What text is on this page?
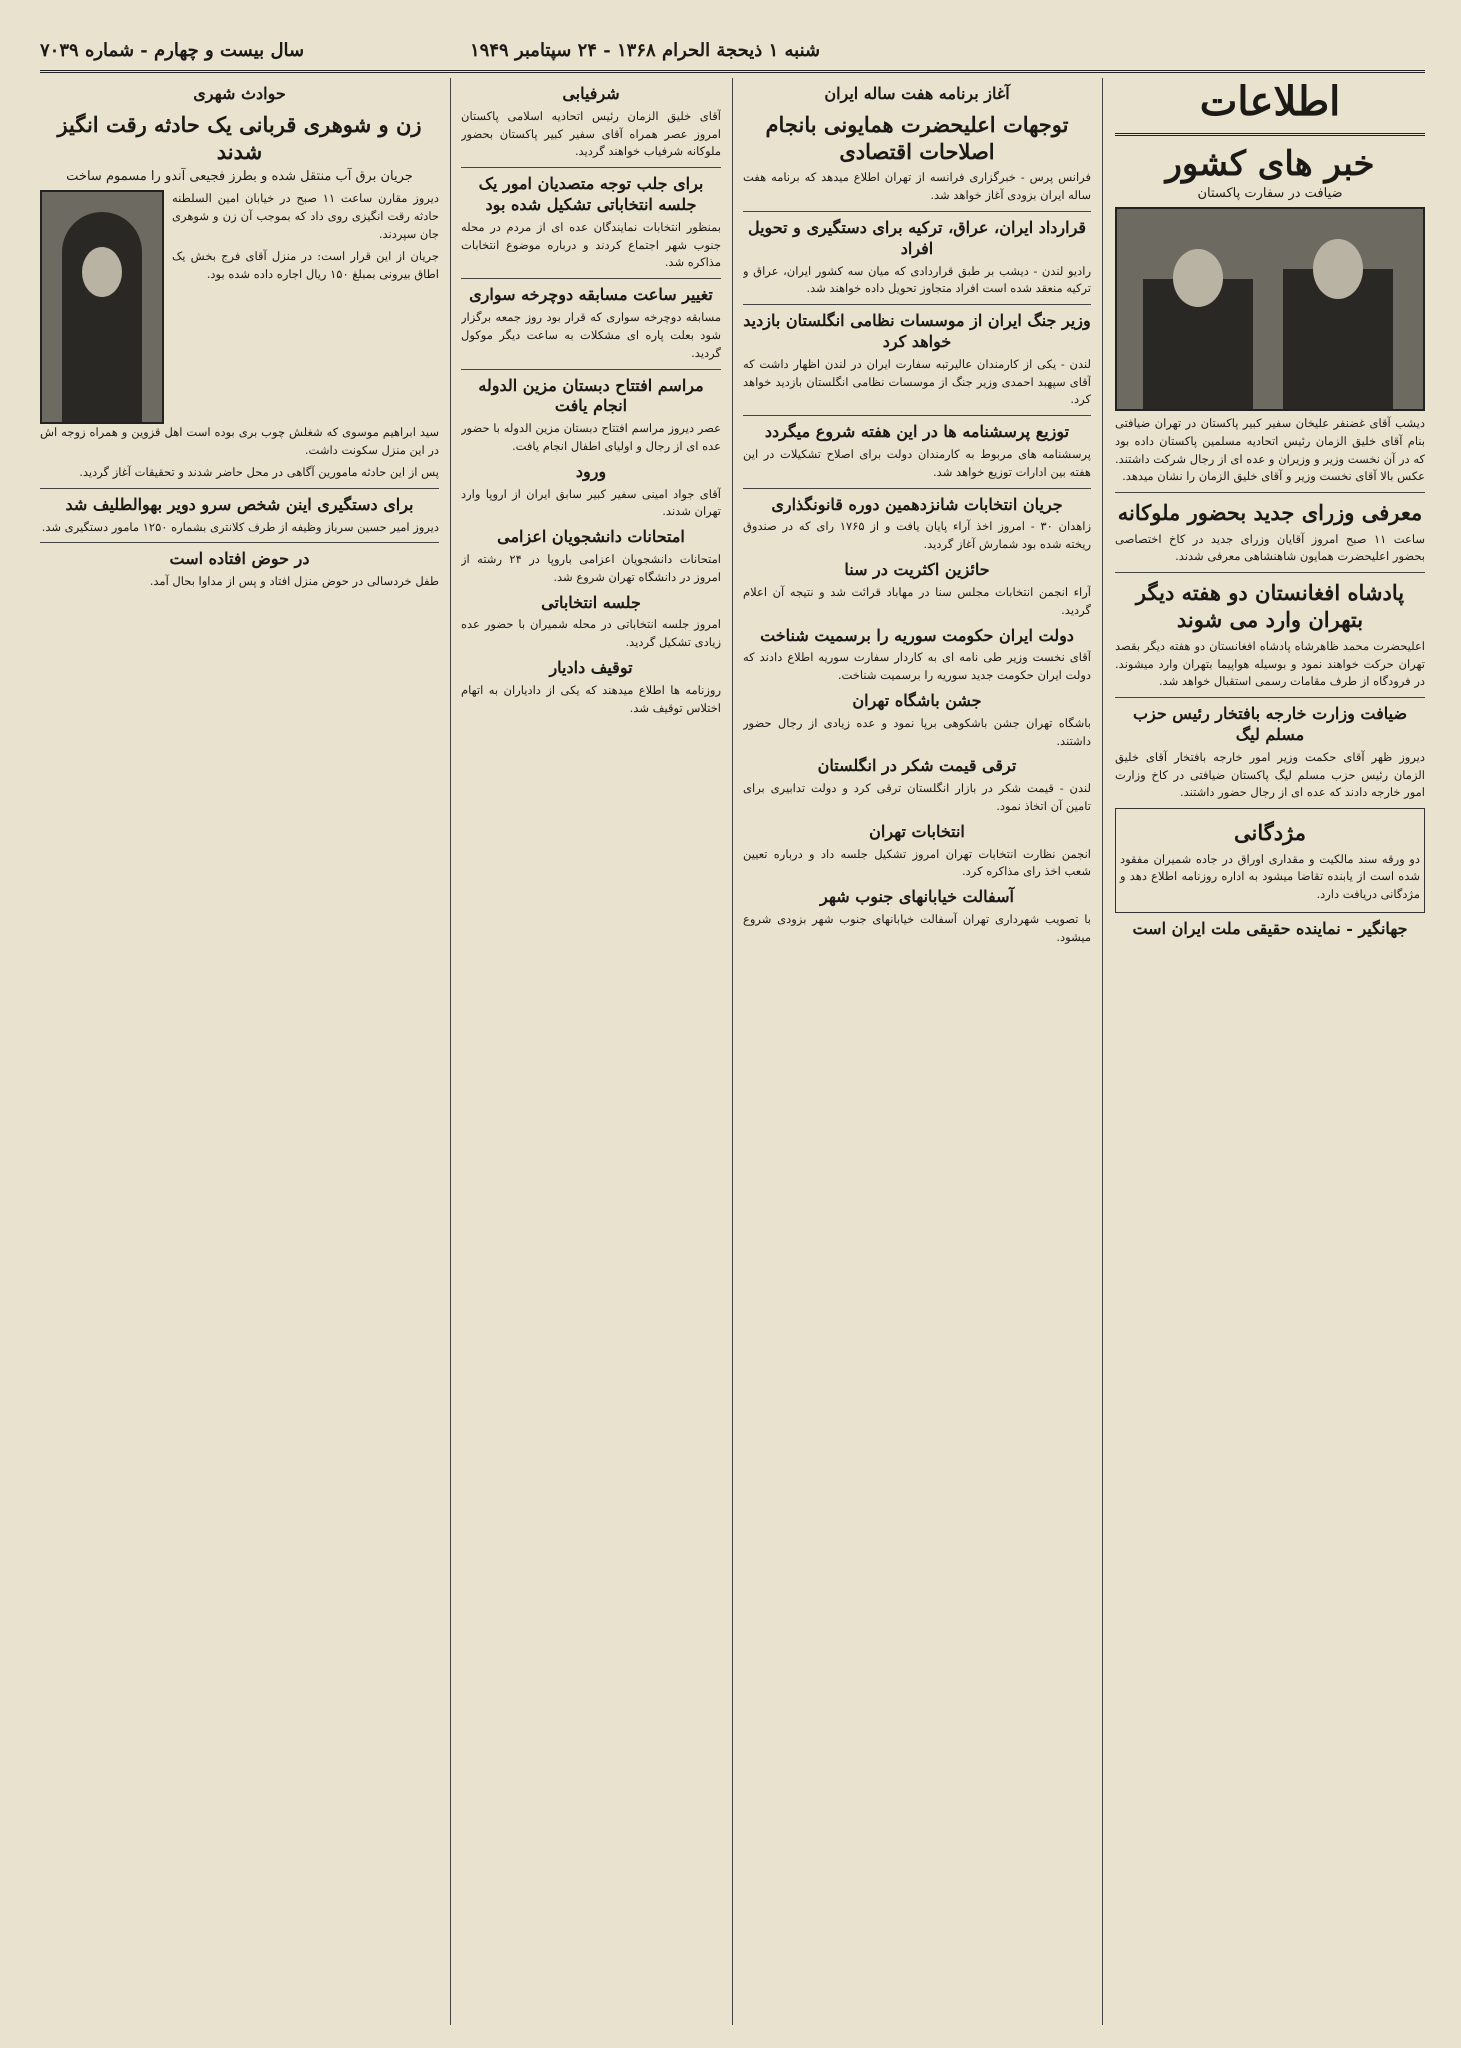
سال بیست و چهارم - شماره ۷۰۳۹	شنبه ۱ ذیحجة الحرام ۱۳۶۸ - ۲۴ سپتامبر ۱۹۴۹
اطلاعات
خبر های کشور
ضیافت در سفارت پاکستان

دیشب آقای غضنفر علیخان سفیر کبیر پاکستان در تهران ضیافتی بنام آقای خلیق الزمان رئیس اتحادیه مسلمین پاکستان داده بود که در آن نخست وزیر و وزیران و عده ای از رجال شرکت داشتند. عکس بالا آقای نخست وزیر و آقای خلیق الزمان را نشان میدهد.

معرفی وزرای جدید بحضور ملوکانه

ساعت ۱۱ صبح امروز آقایان وزرای جدید در کاخ اختصاصی بحضور اعلیحضرت همایون شاهنشاهی معرفی شدند.

پادشاه افغانستان دو هفته دیگر بتهران وارد می شوند

اعلیحضرت محمد ظاهرشاه پادشاه افغانستان دو هفته دیگر بقصد تهران حرکت خواهند نمود و بوسیله هواپیما بتهران وارد میشوند. در فرودگاه از طرف مقامات رسمی استقبال خواهد شد.

ضیافت وزارت خارجه بافتخار رئیس حزب مسلم لیگ

دیروز ظهر آقای حکمت وزیر امور خارجه بافتخار آقای خلیق الزمان رئیس حزب مسلم لیگ پاکستان ضیافتی در کاخ وزارت امور خارجه دادند که عده ای از رجال حضور داشتند.

مژدگانی

دو ورقه سند مالکیت و مقداری اوراق در جاده شمیران مفقود شده است از یابنده تقاضا میشود به اداره روزنامه اطلاع دهد و مژدگانی دریافت دارد.

جهانگیر - نماینده حقیقی ملت ایران است
آغاز برنامه هفت ساله ایران
توجهات اعلیحضرت همایونی بانجام اصلاحات اقتصادی

فرانس پرس - خبرگزاری فرانسه از تهران اطلاع میدهد که برنامه هفت ساله ایران بزودی آغاز خواهد شد.

قرارداد ایران، عراق، ترکیه برای دستگیری و تحویل افراد

رادیو لندن - دیشب بر طبق قراردادی که میان سه کشور ایران، عراق و ترکیه منعقد شده است افراد متجاوز تحویل داده خواهند شد.

وزیر جنگ ایران از موسسات نظامی انگلستان بازدید خواهد کرد

لندن - یکی از کارمندان عالیرتبه سفارت ایران در لندن اظهار داشت که آقای سپهبد احمدی وزیر جنگ از موسسات نظامی انگلستان بازدید خواهد کرد.

توزیع پرسشنامه ها در این هفته شروع میگردد

پرسشنامه های مربوط به کارمندان دولت برای اصلاح تشکیلات در این هفته بین ادارات توزیع خواهد شد.

جریان انتخابات شانزدهمین دوره قانونگذاری

زاهدان ۳۰ - امروز اخذ آراء پایان یافت و از ۱۷۶۵ رای که در صندوق ریخته شده بود شمارش آغاز گردید.

حائزین اکثریت در سنا

آراء انجمن انتخابات مجلس سنا در مهاباد قرائت شد و نتیجه آن اعلام گردید.

دولت ایران حکومت سوریه را برسمیت شناخت

آقای نخست وزیر طی نامه ای به کاردار سفارت سوریه اطلاع دادند که دولت ایران حکومت جدید سوریه را برسمیت شناخت.

جشن باشگاه تهران

باشگاه تهران جشن باشکوهی برپا نمود و عده زیادی از رجال حضور داشتند.

ترقی قیمت شکر در انگلستان

لندن - قیمت شکر در بازار انگلستان ترقی کرد و دولت تدابیری برای تامین آن اتخاذ نمود.

انتخابات تهران

انجمن نظارت انتخابات تهران امروز تشکیل جلسه داد و درباره تعیین شعب اخذ رای مذاکره کرد.

آسفالت خیابانهای جنوب شهر

با تصویب شهرداری تهران آسفالت خیابانهای جنوب شهر بزودی شروع میشود.

شرفیابی

آقای خلیق الزمان رئیس اتحادیه اسلامی پاکستان امروز عصر همراه آقای سفیر کبیر پاکستان بحضور ملوکانه شرفیاب خواهند گردید.

برای جلب توجه متصدیان امور یک جلسه انتخاباتی تشکیل شده بود

بمنظور انتخابات نمایندگان عده ای از مردم در محله جنوب شهر اجتماع کردند و درباره موضوع انتخابات مذاکره شد.

تغییر ساعت مسابقه دوچرخه سواری

مسابقه دوچرخه سواری که قرار بود روز جمعه برگزار شود بعلت پاره ای مشکلات به ساعت دیگر موکول گردید.

مراسم افتتاح دبستان مزین الدوله انجام یافت

عصر دیروز مراسم افتتاح دبستان مزین الدوله با حضور عده ای از رجال و اولیای اطفال انجام یافت.

ورود

آقای جواد امینی سفیر کبیر سابق ایران از اروپا وارد تهران شدند.

امتحانات دانشجویان اعزامی

امتحانات دانشجویان اعزامی باروپا در ۲۴ رشته از امروز در دانشگاه تهران شروع شد.

جلسه انتخاباتی

امروز جلسه انتخاباتی در محله شمیران با حضور عده زیادی تشکیل گردید.

توقیف دادیار

روزنامه ها اطلاع میدهند که یکی از دادیاران به اتهام اختلاس توقیف شد.

حوادث شهری
زن و شوهری قربانی یک حادثه رقت انگیز شدند
جریان برق آب منتقل شده و بطرز فجیعی آندو را مسموم ساخت

دیروز مقارن ساعت ۱۱ صبح در خیابان امین السلطنه حادثه رقت انگیزی روی داد که بموجب آن زن و شوهری جان سپردند.

جریان از این قرار است: در منزل آقای فرج بخش یک اطاق بیرونی بمبلغ ۱۵۰ ریال اجاره داده شده بود.

سید ابراهیم موسوی که شغلش چوب بری بوده است اهل قزوین و همراه زوجه اش در این منزل سکونت داشت.

پس از این حادثه مامورین آگاهی در محل حاضر شدند و تحقیقات آغاز گردید.

برای دستگیری اینن شخص سرو دویر بهوالطلیف شد

دیروز امیر حسین سرباز وظیفه از طرف کلانتری بشماره ۱۲۵۰ مامور دستگیری شد.

در حوض افتاده است

طفل خردسالی در حوض منزل افتاد و پس از مداوا بحال آمد.
